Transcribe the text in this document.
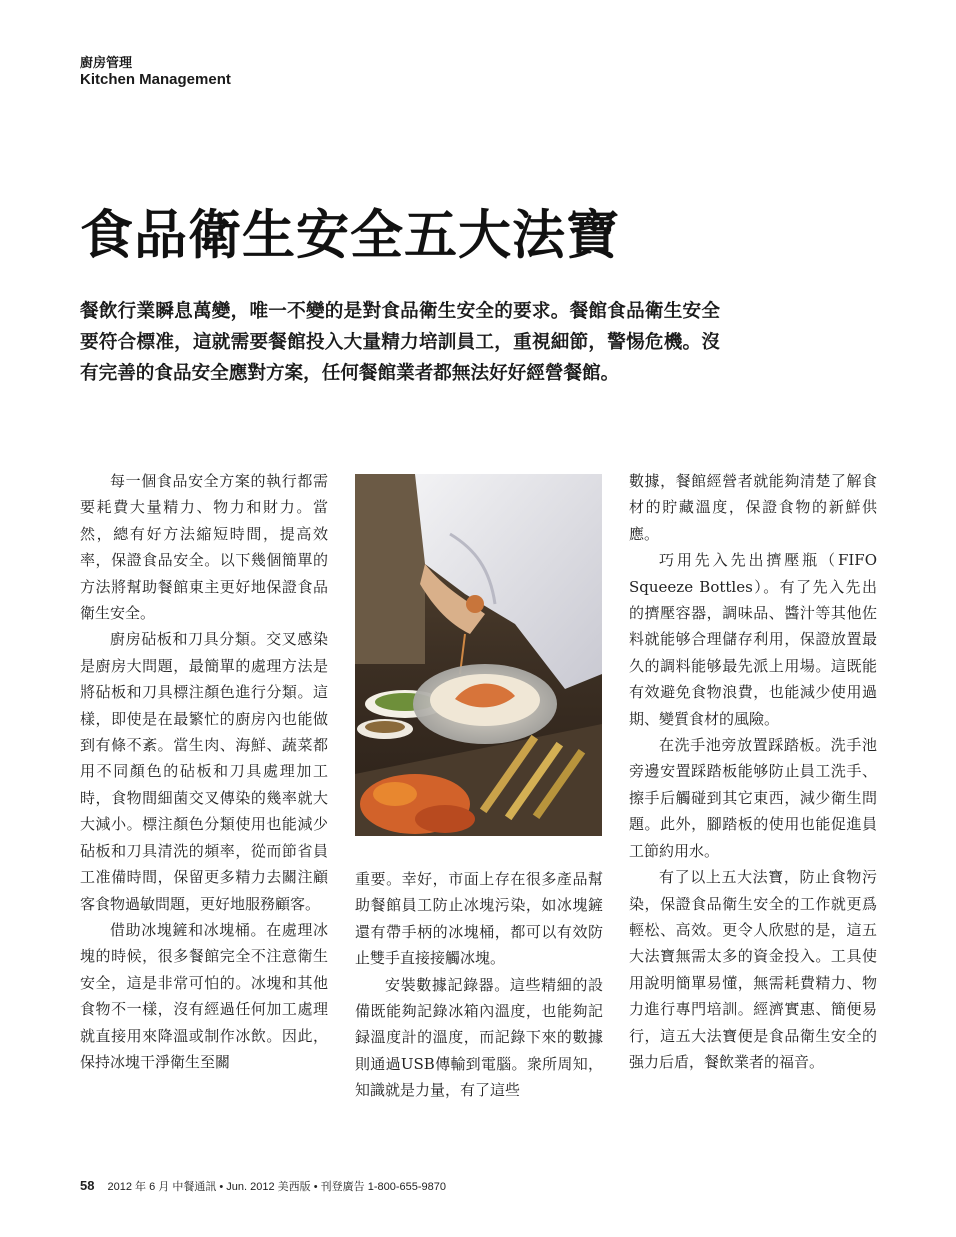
廚房管理
Kitchen Management
食品衛生安全五大法寶

餐飲行業瞬息萬變，唯一不變的是對食品衛生安全的要求。餐館食品衛生安全要符合標准，這就需要餐館投入大量精力培訓員工，重視細節，警惕危機。沒有完善的食品安全應對方案，任何餐館業者都無法好好經營餐館。

每一個食品安全方案的執行都需要耗費大量精力、物力和財力。當然，總有好方法縮短時間，提高效率，保證食品安全。以下幾個簡單的方法將幫助餐館東主更好地保證食品衛生安全。

廚房砧板和刀具分類。交叉感染是廚房大問題，最簡單的處理方法是將砧板和刀具標注顏色進行分類。這樣，即使是在最繁忙的廚房內也能做到有條不紊。當生肉、海鮮、蔬菜都用不同顏色的砧板和刀具處理加工時，食物間細菌交叉傳染的幾率就大大減小。標注顏色分類使用也能減少砧板和刀具清洗的頻率，從而節省員工准備時間，保留更多精力去關注顧客食物過敏問題，更好地服務顧客。

借助冰塊鏟和冰塊桶。在處理冰塊的時候，很多餐館完全不注意衛生安全，這是非常可怕的。冰塊和其他食物不一樣，沒有經過任何加工處理就直接用來降溫或制作冰飲。因此，保持冰塊干淨衛生至關

重要。幸好，市面上存在很多產品幫助餐館員工防止冰塊污染，如冰塊鏟還有帶手柄的冰塊桶，都可以有效防止雙手直接接觸冰塊。

安裝數據記錄器。這些精細的設備既能夠記錄冰箱內溫度，也能夠記録溫度計的溫度，而記錄下來的數據則通過USB傳輸到電腦。衆所周知，知識就是力量，有了這些

數據，餐館經營者就能夠清楚了解食材的貯藏溫度，保證食物的新鮮供應。

巧用先入先出擠壓瓶（FIFO Squeeze Bottles）。有了先入先出的擠壓容器，調味品、醬汁等其他佐料就能够合理儲存利用，保證放置最久的調料能够最先派上用場。這既能有效避免食物浪費，也能減少使用過期、變質食材的風險。

在洗手池旁放置踩踏板。洗手池旁邊安置踩踏板能够防止員工洗手、擦手后觸碰到其它東西，減少衛生問題。此外，腳踏板的使用也能促進員工節約用水。

有了以上五大法寶，防止食物污染，保證食品衛生安全的工作就更爲輕松、高效。更令人欣慰的是，這五大法寶無需太多的資金投入。工具使用說明簡單易懂，無需耗費精力、物力進行專門培訓。經濟實惠、簡便易行，這五大法寶便是食品衛生安全的强力后盾，餐飲業者的福音。

58 2012 年 6 月 中餐通訊 • Jun. 2012 美西版 • 刊登廣告 1-800-655-9870
